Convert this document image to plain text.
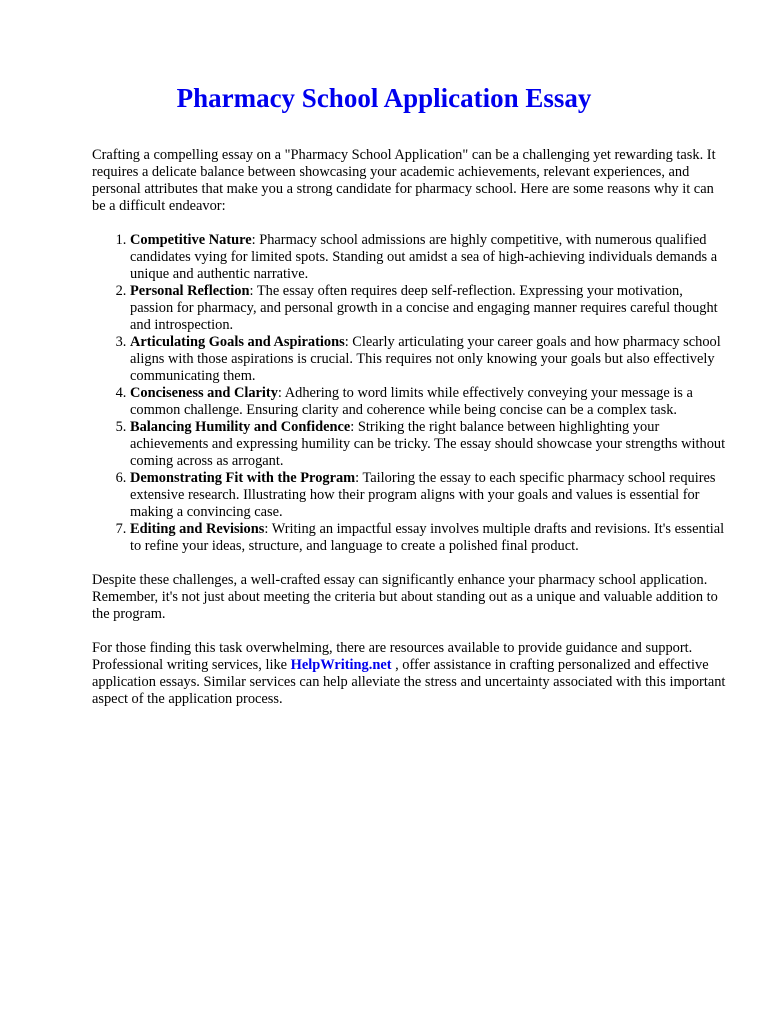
Pharmacy School Application Essay

Crafting a compelling essay on a "Pharmacy School Application" can be a challenging yet rewarding task. It requires a delicate balance between showcasing your academic achievements, relevant experiences, and personal attributes that make you a strong candidate for pharmacy school. Here are some reasons why it can be a difficult endeavor:

1. Competitive Nature: Pharmacy school admissions are highly competitive, with numerous qualified candidates vying for limited spots. Standing out amidst a sea of high-achieving individuals demands a unique and authentic narrative.
2. Personal Reflection: The essay often requires deep self-reflection. Expressing your motivation, passion for pharmacy, and personal growth in a concise and engaging manner requires careful thought and introspection.
3. Articulating Goals and Aspirations: Clearly articulating your career goals and how pharmacy school aligns with those aspirations is crucial. This requires not only knowing your goals but also effectively communicating them.
4. Conciseness and Clarity: Adhering to word limits while effectively conveying your message is a common challenge. Ensuring clarity and coherence while being concise can be a complex task.
5. Balancing Humility and Confidence: Striking the right balance between highlighting your achievements and expressing humility can be tricky. The essay should showcase your strengths without coming across as arrogant.
6. Demonstrating Fit with the Program: Tailoring the essay to each specific pharmacy school requires extensive research. Illustrating how their program aligns with your goals and values is essential for making a convincing case.
7. Editing and Revisions: Writing an impactful essay involves multiple drafts and revisions. It's essential to refine your ideas, structure, and language to create a polished final product.

Despite these challenges, a well-crafted essay can significantly enhance your pharmacy school application. Remember, it's not just about meeting the criteria but about standing out as a unique and valuable addition to the program.

For those finding this task overwhelming, there are resources available to provide guidance and support. Professional writing services, like HelpWriting.net , offer assistance in crafting personalized and effective application essays. Similar services can help alleviate the stress and uncertainty associated with this important aspect of the application process.
